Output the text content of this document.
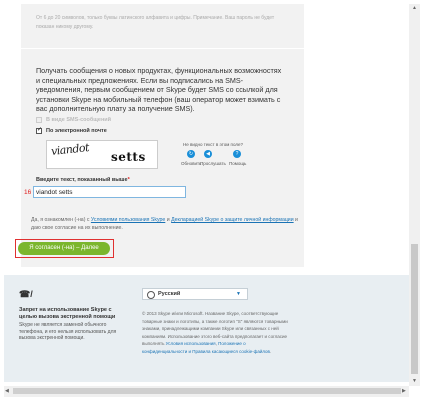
От 6 до 20 символов, только буквы латинского алфавита и цифры. Примечание. Ваш пароль не будет показан никому другому.
Получать сообщения о новых продуктах, функциональных возможностях и специальных предложениях. Если вы подписались на SMS-уведомления, первым сообщением от Skype будет SMS со ссылкой для установки Skype на мобильный телефон (ваш оператор может взимать с вас дополнительную плату за получение SMS).
В виде SMS-сообщений
✓
По электронной почте
viandot setts
Не видно текст в этом поле?
↻	◀	?
Обновить
Прослушать Помощь
Введите текст, показанный выше*
16 viandot setts
Да, я ознакомлен (-на) с Условиями пользования Skype и Декларацией Skype о защите личной информации и даю свое согласие на их выполнение.
Я согласен (-на) – Далее
☎/
Запрет на использование Skype с целью вызова экстренной помощи
Skype не является заменой обычного телефона, и его нельзя использовать для вызова экстренной помощи.
Русский	▼
© 2013 Skype и/или Microsoft. Название Skype, соответствующие товарные знаки и логотипы, а также логотип "S" являются товарными знаками, принадлежащими компании Skype или связанных с ней компаниям. Использование этого веб-сайта предполагает и согласие выполнять Условия использования, Положение о конфиденциальности и Правила касающиеся cookie-файлов.
▲
▼
◀	▶
